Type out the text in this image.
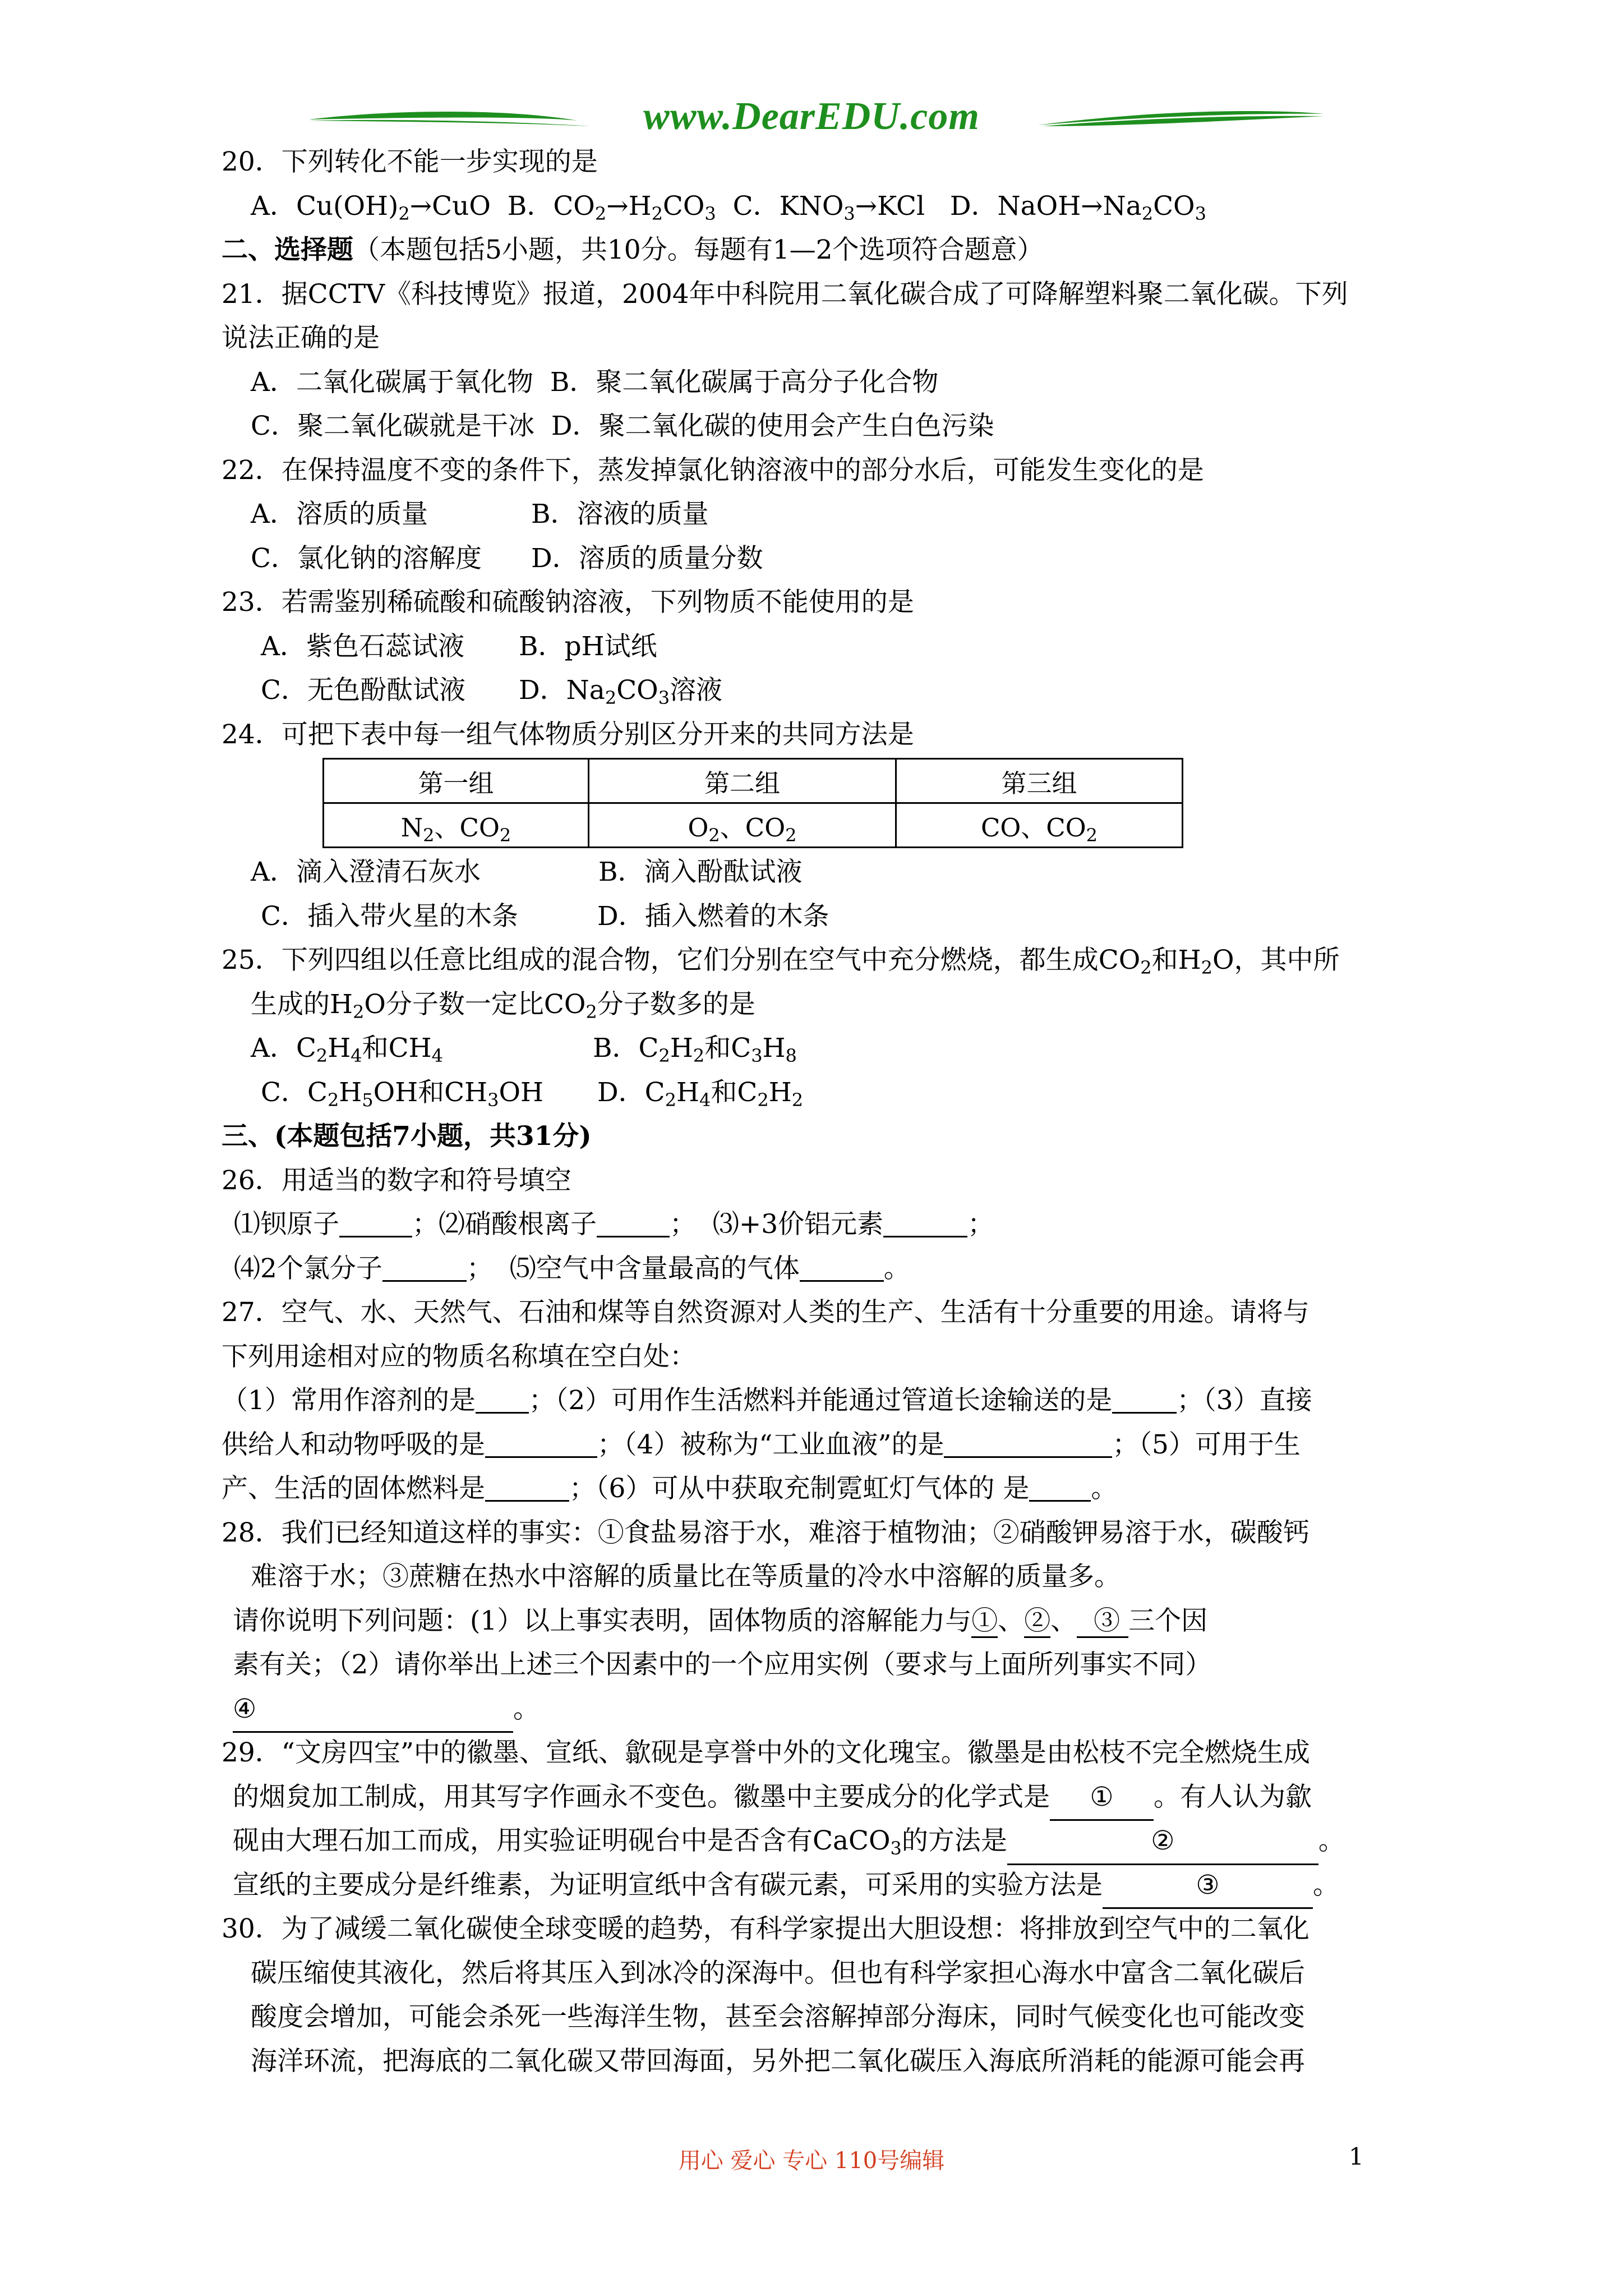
www.DearEDU.com
20．下列转化不能一步实现的是
A．$Cu(OH)_2\to CuO$ B．$CO_2\to H_2CO_3$ C．$KNO_3\to KCl$ D．$NaOH\to Na_2CO_3$
二、选择题（本题包括5小题，共10分。每题有1—2个选项符合题意）
21．据CCTV《科技博览》报道，2004年中科院用二氧化碳合成了可降解塑料聚二氧化碳。下列
说法正确的是
A．二氧化碳属于氧化物 B．聚二氧化碳属于高分子化合物
C．聚二氧化碳就是干冰 D．聚二氧化碳的使用会产生白色污染
22．在保持温度不变的条件下，蒸发掉氯化钠溶液中的部分水后，可能发生变化的是
A．溶质的质量	B．溶液的质量
C．氯化钠的溶解度 D．溶质的质量分数
23．若需鉴别稀硫酸和硫酸钠溶液，下列物质不能使用的是
A．紫色石蕊试液 B．pH试纸
C．无色酚酞试液 D．$Na_2CO_3$溶液
24．可把下表中每一组气体物质分别区分开来的共同方法是
第一组	第二组	第三组
$N_2$、$CO_2$	$O_2$、$CO_2$	CO、$CO_2$
A．滴入澄清石灰水	B．滴入酚酞试液
C．插入带火星的木条	D．插入燃着的木条
25．下列四组以任意比组成的混合物，它们分别在空气中充分燃烧，都生成$CO_2$和$H_2O$，其中所
生成的$H_2O$分子数一定比$CO_2$分子数多的是
A．$C_2H_4$和$CH_4$	B．$C_2H_2$和$C_3H_8$
C．$C_2H_5OH$和$CH_3OH$ D．$C_2H_4$和$C_2H_2$
三、(本题包括7小题，共31分)
26．用适当的数字和符号填空
⑴钡原子	；⑵硝酸根离子	； ⑶+3价铝元素	；
⑷2个氯分子	； ⑸空气中含量最高的气体	。
27．空气、水、天然气、石油和煤等自然资源对人类的生产、生活有十分重要的用途。请将与
下列用途相对应的物质名称填在空白处：
（1）常用作溶剂的是 ；（2）可用作生活燃料并能通过管道长途输送的是 ；（3）直接
供给人和动物呼吸的是	；（4）被称为“工业血液”的是	；（5）可用于生
产、生活的固体燃料是	；（6）可从中获取充制霓虹灯气体的 是 。
28．我们已经知道这样的事实：①食盐易溶于水，难溶于植物油；②硝酸钾易溶于水，碳酸钙
难溶于水；③蔗糖在热水中溶解的质量比在等质量的冷水中溶解的质量多。
请你说明下列问题：(1）以上事实表明，固体物质的溶解能力与①、②、 ③ 三个因
素有关；（2）请你举出上述三个因素中的一个应用实例（要求与上面所列事实不同）
④	。
29．“文房四宝”中的徽墨、宣纸、歙砚是享誉中外的文化瑰宝。徽墨是由松枝不完全燃烧生成
的烟炱加工制成，用其写字作画永不变色。徽墨中主要成分的化学式是 ① 。有人认为歙
砚由大理石加工而成，用实验证明砚台中是否含有CaCO$_3$的方法是	②	。
宣纸的主要成分是纤维素，为证明宣纸中含有碳元素，可采用的实验方法是	③	。
30．为了减缓二氧化碳使全球变暖的趋势，有科学家提出大胆设想：将排放到空气中的二氧化
碳压缩使其液化，然后将其压入到冰冷的深海中。但也有科学家担心海水中富含二氧化碳后
酸度会增加，可能会杀死一些海洋生物，甚至会溶解掉部分海床，同时气候变化也可能改变
海洋环流，把海底的二氧化碳又带回海面，另外把二氧化碳压入海底所消耗的能源可能会再
用心 爱心 专心 110号编辑	1
